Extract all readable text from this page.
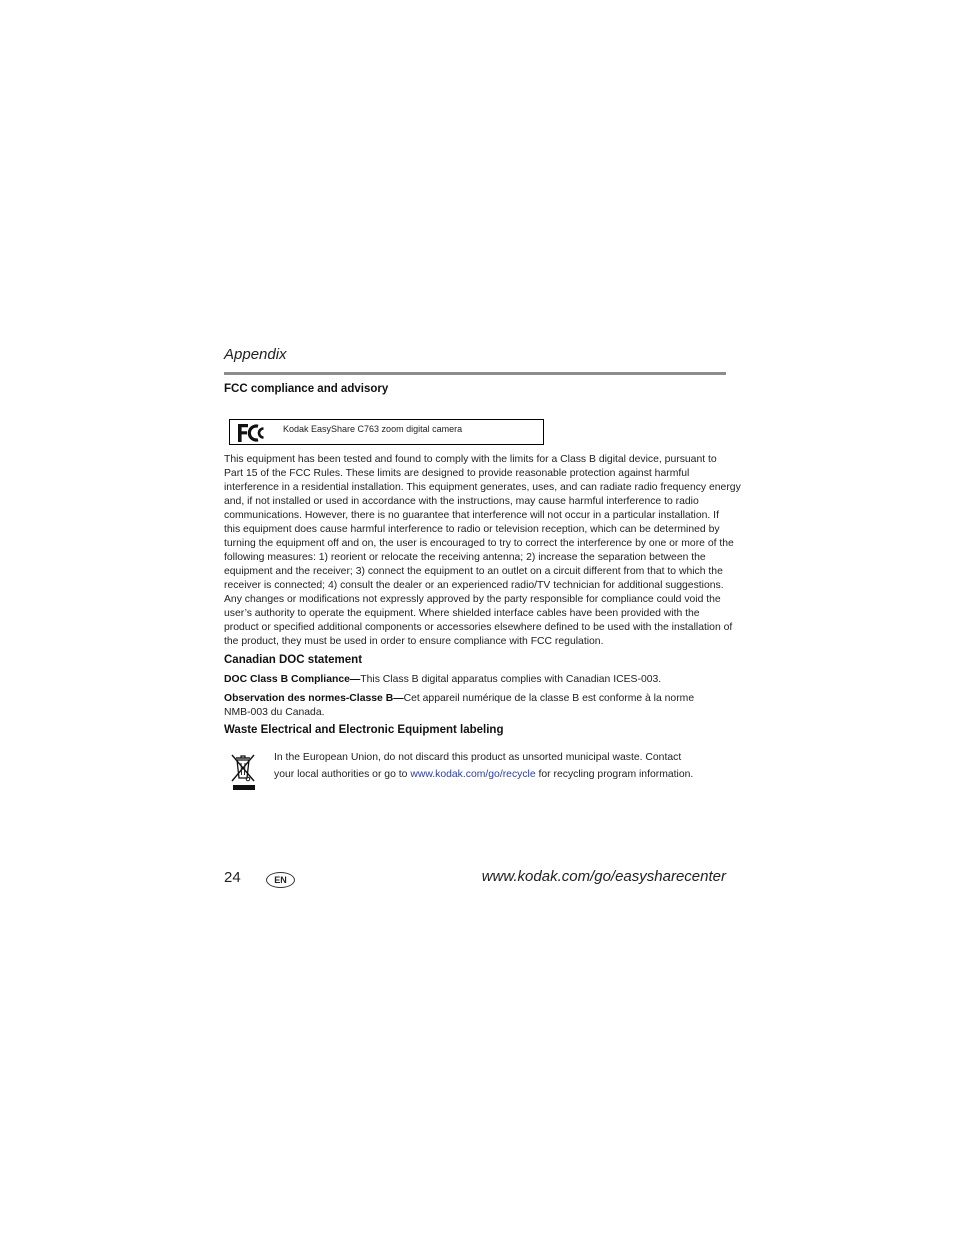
Appendix
FCC compliance and advisory
Kodak EasyShare C763 zoom digital camera
This equipment has been tested and found to comply with the limits for a Class B digital device, pursuant to
Part 15 of the FCC Rules. These limits are designed to provide reasonable protection against harmful
interference in a residential installation. This equipment generates, uses, and can radiate radio frequency energy
and, if not installed or used in accordance with the instructions, may cause harmful interference to radio
communications. However, there is no guarantee that interference will not occur in a particular installation. If
this equipment does cause harmful interference to radio or television reception, which can be determined by
turning the equipment off and on, the user is encouraged to try to correct the interference by one or more of the
following measures: 1) reorient or relocate the receiving antenna; 2) increase the separation between the
equipment and the receiver; 3) connect the equipment to an outlet on a circuit different from that to which the
receiver is connected; 4) consult the dealer or an experienced radio/TV technician for additional suggestions.
Any changes or modifications not expressly approved by the party responsible for compliance could void the
user’s authority to operate the equipment. Where shielded interface cables have been provided with the
product or specified additional components or accessories elsewhere defined to be used with the installation of
the product, they must be used in order to ensure compliance with FCC regulation.
Canadian DOC statement
DOC Class B Compliance—This Class B digital apparatus complies with Canadian ICES-003.
Observation des normes-Classe B—Cet appareil numérique de la classe B est conforme à la norme
NMB-003 du Canada.
Waste Electrical and Electronic Equipment labeling
In the European Union, do not discard this product as unsorted municipal waste. Contact
your local authorities or go to www.kodak.com/go/recycle for recycling program information.
24	EN	www.kodak.com/go/easysharecenter
